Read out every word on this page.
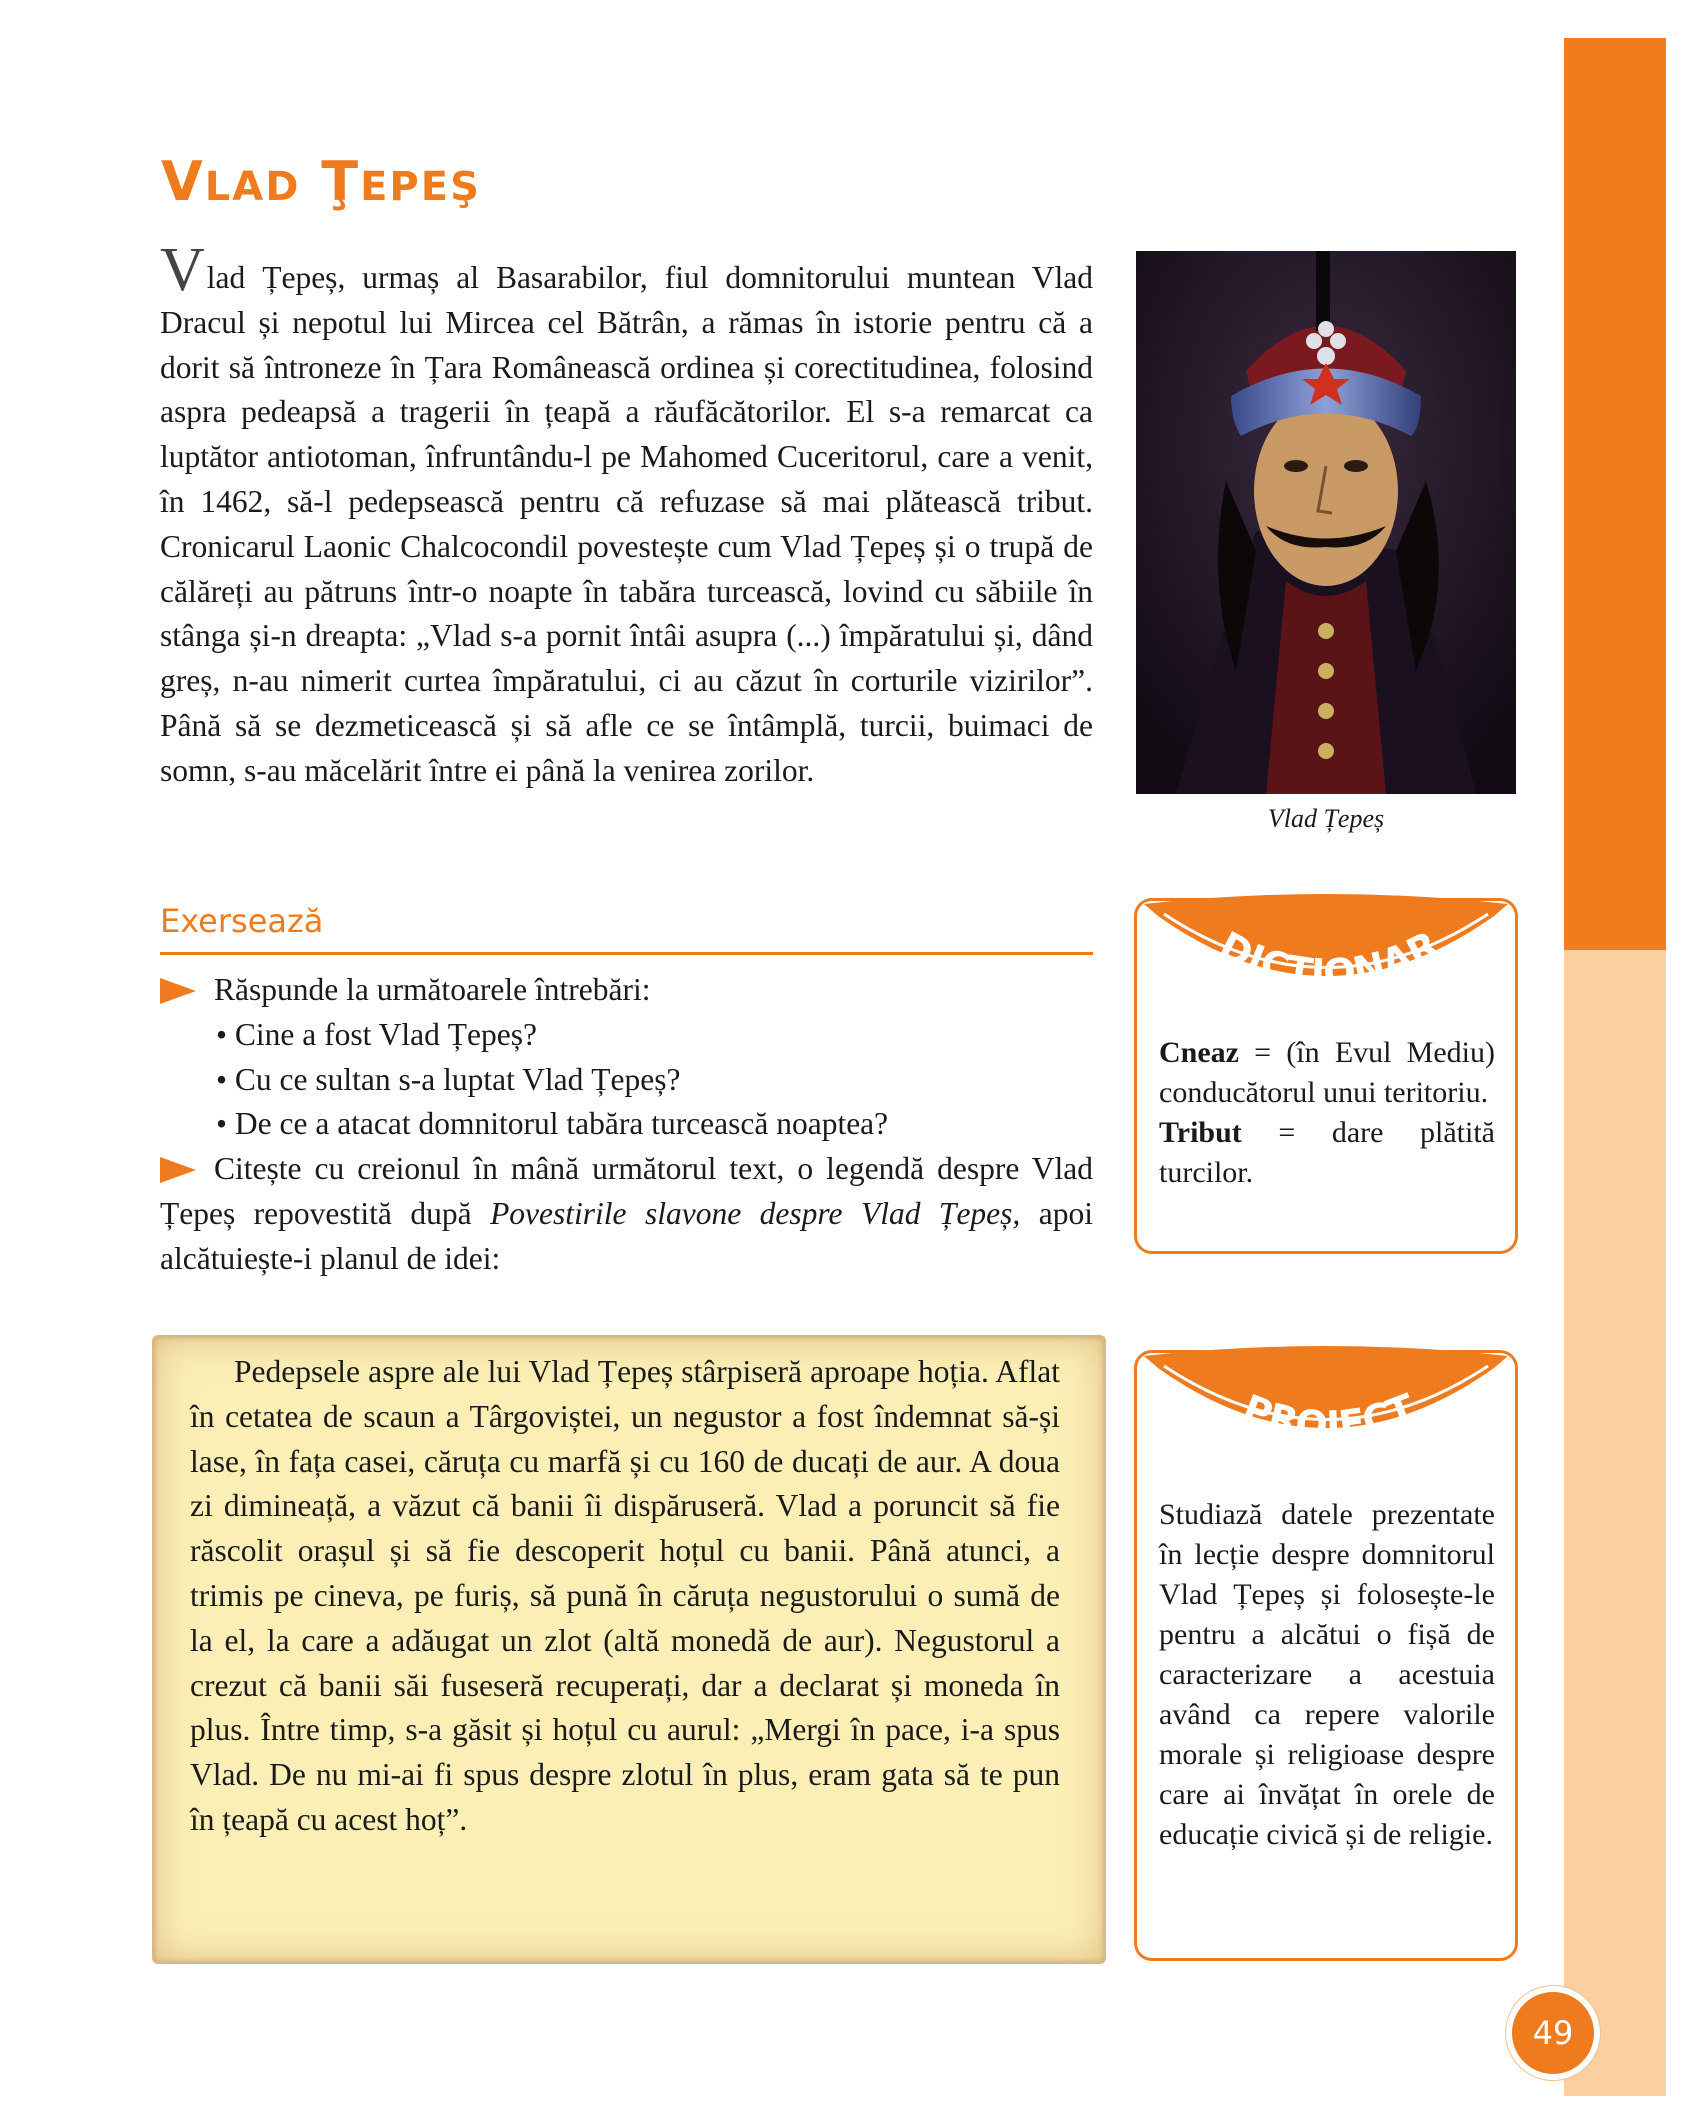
VLAD ŢEPEŞ
Vlad Țepeș, urmaș al Basarabilor, fiul domnitorului muntean Vlad Dracul și nepotul lui Mircea cel Bătrân, a rămas în istorie pentru că a dorit să întroneze în Țara Românească ordinea și corectitudinea, folosind aspra pedeapsă a tragerii în țeapă a răufăcătorilor. El s-a remarcat ca luptător antiotoman, înfruntându-l pe Mahomed Cuceritorul, care a venit, în 1462, să-l pedepsească pentru că refuzase să mai plătească tribut. Cronicarul Laonic Chalcocondil povestește cum Vlad Țepeș și o trupă de călăreți au pătruns într-o noapte în tabăra turcească, lovind cu săbiile în stânga și-n dreapta: „Vlad s-a pornit întâi asupra (...) împăratului și, dând greș, n-au nimerit curtea împăratului, ci au căzut în corturile vizirilor”. Până să se dezmeticească și să afle ce se întâmplă, turcii, buimaci de somn, s-au măcelărit între ei până la venirea zorilor.
Vlad Țepeș
Exersează
Răspunde la următoarele întrebări:
• Cine a fost Vlad Țepeș?
• Cu ce sultan s-a luptat Vlad Țepeș?
• De ce a atacat domnitorul tabăra turcească noaptea?
Citește cu creionul în mână următorul text, o legendă despre Vlad Țepeș repovestită după Povestirile slavone despre Vlad Țepeș, apoi alcătuiește-i planul de idei:
Pedepsele aspre ale lui Vlad Țepeș stârpiseră aproape hoția. Aflat în cetatea de scaun a Târgoviștei, un negustor a fost îndemnat să-și lase, în fața casei, căruța cu marfă și cu 160 de ducați de aur. A doua zi dimineață, a văzut că banii îi dispăruseră. Vlad a poruncit să fie răscolit orașul și să fie descoperit hoțul cu banii. Până atunci, a trimis pe cineva, pe furiș, să pună în căruța negustorului o sumă de la el, la care a adăugat un zlot (altă monedă de aur). Negustorul a crezut că banii săi fuseseră recuperați, dar a declarat și moneda în plus. Între timp, s-a găsit și hoțul cu aurul: „Mergi în pace, i-a spus Vlad. De nu mi-ai fi spus despre zlotul în plus, eram gata să te pun în țeapă cu acest hoț”.
DICȚIONAR
Cneaz = (în Evul Mediu) conducătorul unui teritoriu.
Tribut = dare plătită turcilor.
PROIECT
Studiază datele prezentate în lecție despre domnitorul Vlad Țepeș și folosește-le pentru a alcătui o fișă de caracterizare a acestuia având ca repere valorile morale și religioase despre care ai învățat în orele de educație civică și de religie.
49
